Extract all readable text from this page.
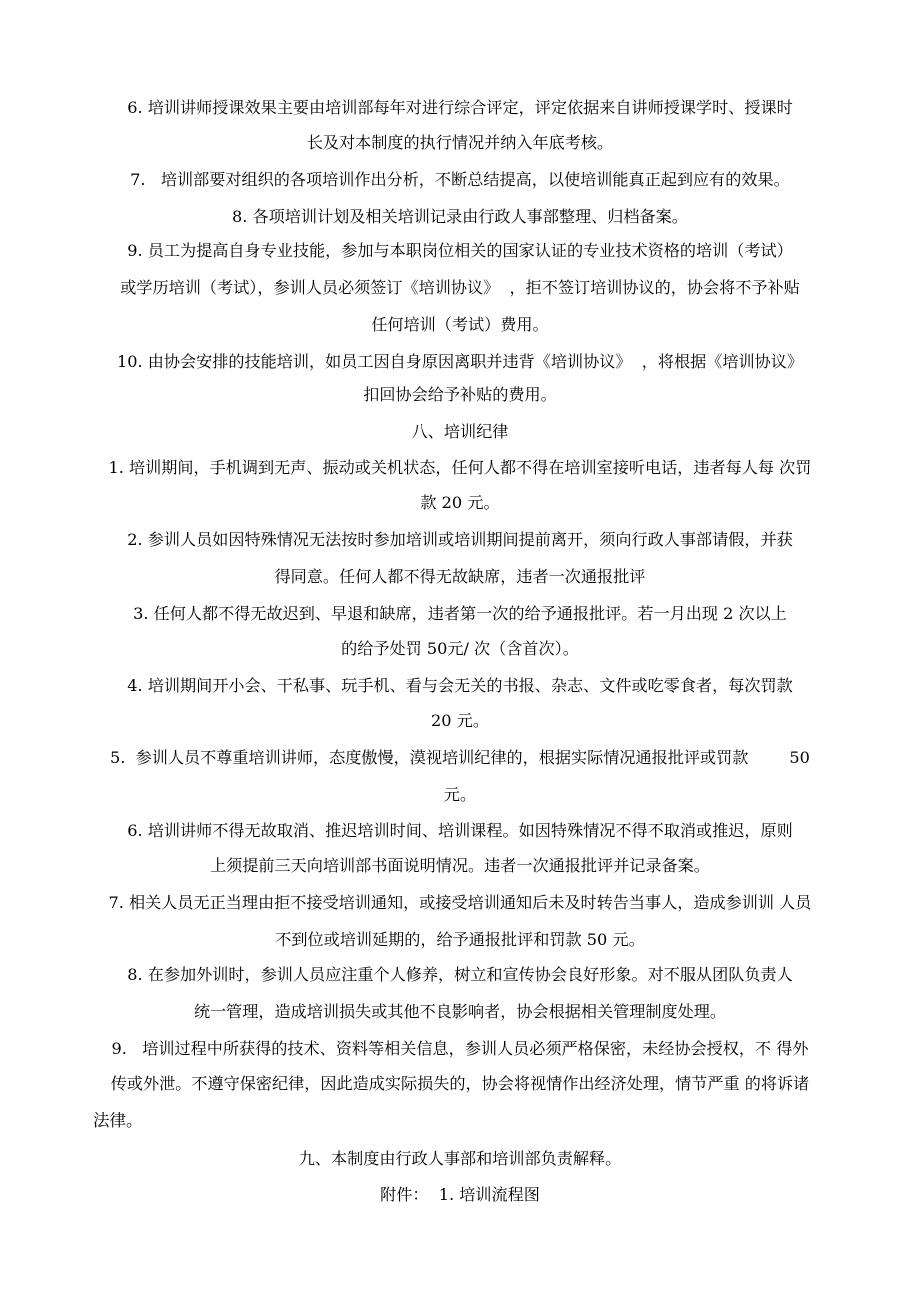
6. 培训讲师授课效果主要由培训部每年对进行综合评定，评定依据来自讲师授课学时、授课时
长及对本制度的执行情况并纳入年底考核。
7.   培训部要对组织的各项培训作出分析，不断总结提高，以使培训能真正起到应有的效果。
8. 各项培训计划及相关培训记录由行政人事部整理、归档备案。
9. 员工为提高自身专业技能，参加与本职岗位相关的国家认证的专业技术资格的培训（考试）
或学历培训（考试），参训人员必须签订《培训协议》  ，拒不签订培训协议的，协会将不予补贴
任何培训（考试）费用。
10. 由协会安排的技能培训，如员工因自身原因离职并违背《培训协议》  ，将根据《培训协议》
扣回协会给予补贴的费用。
八、培训纪律
1. 培训期间，手机调到无声、振动或关机状态，任何人都不得在培训室接听电话，违者每人每 次罚
款 20 元。
2. 参训人员如因特殊情况无法按时参加培训或培训期间提前离开，须向行政人事部请假，并获
得同意。任何人都不得无故缺席，违者一次通报批评
3. 任何人都不得无故迟到、早退和缺席，违者第一次的给予通报批评。若一月出现 2 次以上
的给予处罚 50元/ 次（含首次）。
4. 培训期间开小会、干私事、玩手机、看与会无关的书报、杂志、文件或吃零食者，每次罚款
20 元。
5.  参训人员不尊重培训讲师，态度傲慢，漠视培训纪律的，根据实际情况通报批评或罚款        50
元。
6. 培训讲师不得无故取消、推迟培训时间、培训课程。如因特殊情况不得不取消或推迟，原则
上须提前三天向培训部书面说明情况。违者一次通报批评并记录备案。
7. 相关人员无正当理由拒不接受培训通知，或接受培训通知后未及时转告当事人，造成参训训 人员
不到位或培训延期的，给予通报批评和罚款 50 元。
8. 在参加外训时，参训人员应注重个人修养，树立和宣传协会良好形象。对不服从团队负责人
统一管理，造成培训损失或其他不良影响者，协会根据相关管理制度处理。
9.   培训过程中所获得的技术、资料等相关信息，参训人员必须严格保密，未经协会授权，不 得外
传或外泄。不遵守保密纪律，因此造成实际损失的，协会将视情作出经济处理，情节严重 的将诉诸
法律。
九、本制度由行政人事部和培训部负责解释。
附件：  1. 培训流程图
